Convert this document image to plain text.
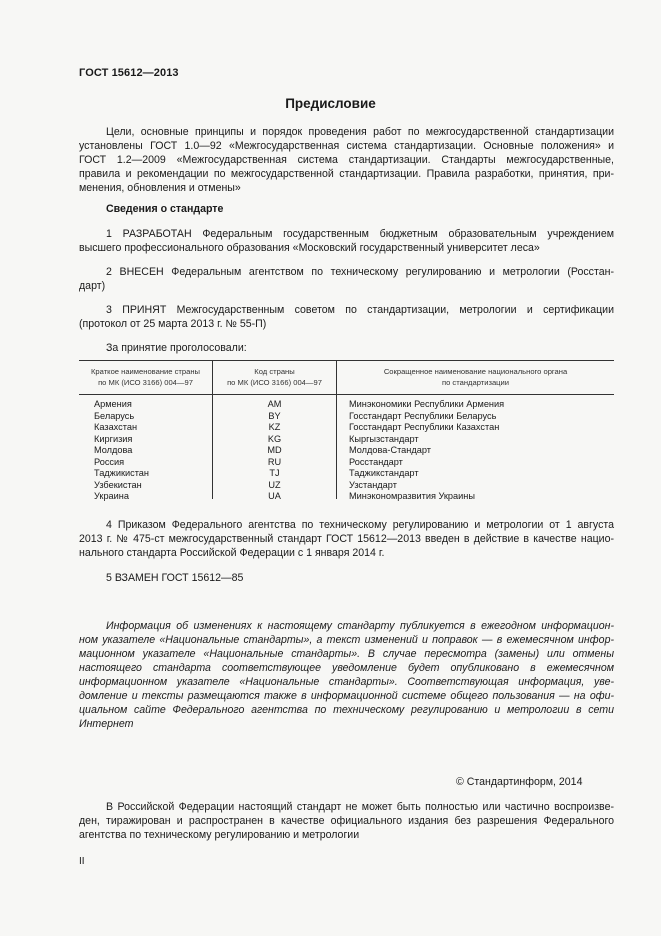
ГОСТ 15612—2013
Предисловие
Цели, основные принципы и порядок проведения работ по межгосударственной стандартизации
установлены ГОСТ 1.0—92 «Межгосударственная система стандартизации. Основные положения» и
ГОСТ 1.2—2009 «Межгосударственная система стандартизации. Стандарты межгосударственные,
правила и рекомендации по межгосударственной стандартизации. Правила разработки, принятия, при-
менения, обновления и отмены»
Сведения о стандарте
1 РАЗРАБОТАН Федеральным государственным бюджетным образовательным учреждением
высшего профессионального образования «Московский государственный университет леса»
2 ВНЕСЕН Федеральным агентством по техническому регулированию и метрологии (Росстан-
дарт)
3 ПРИНЯТ Межгосударственным советом по стандартизации, метрологии и сертификации
(протокол от 25 марта 2013 г. № 55-П)
За принятие проголосовали:
Краткое наименование страны
по МК (ИСО 3166) 004—97
Код страны
по МК (ИСО 3166) 004—97
Сокращенное наименование национального органа
по стандартизации
Армения
Беларусь
Казахстан
Киргизия
Молдова
Россия
Таджикистан
Узбекистан
Украина
AM
BY
KZ
KG
MD
RU
TJ
UZ
UA
Минэкономики Республики Армения
Госстандарт Республики Беларусь
Госстандарт Республики Казахстан
Кыргызстандарт
Молдова-Стандарт
Росстандарт
Таджикстандарт
Узстандарт
Минэкономразвития Украины
4 Приказом Федерального агентства по техническому регулированию и метрологии от 1 августа
2013 г. № 475-ст межгосударственный стандарт ГОСТ 15612—2013 введен в действие в качестве нацио-
нального стандарта Российской Федерации с 1 января 2014 г.
5 ВЗАМЕН ГОСТ 15612—85
Информация об изменениях к настоящему стандарту публикуется в ежегодном информацион-
ном указателе «Национальные стандарты», а текст изменений и поправок — в ежемесячном инфор-
мационном указателе «Национальные стандарты». В случае пересмотра (замены) или отмены
настоящего стандарта соответствующее уведомление будет опубликовано в ежемесячном
информационном указателе «Национальные стандарты». Соответствующая информация, уве-
домление и тексты размещаются также в информационной системе общего пользования — на офи-
циальном сайте Федерального агентства по техническому регулированию и метрологии в сети
Интернет
© Стандартинформ, 2014
В Российской Федерации настоящий стандарт не может быть полностью или частично воспроизве-
ден, тиражирован и распространен в качестве официального издания без разрешения Федерального
агентства по техническому регулированию и метрологии
II
